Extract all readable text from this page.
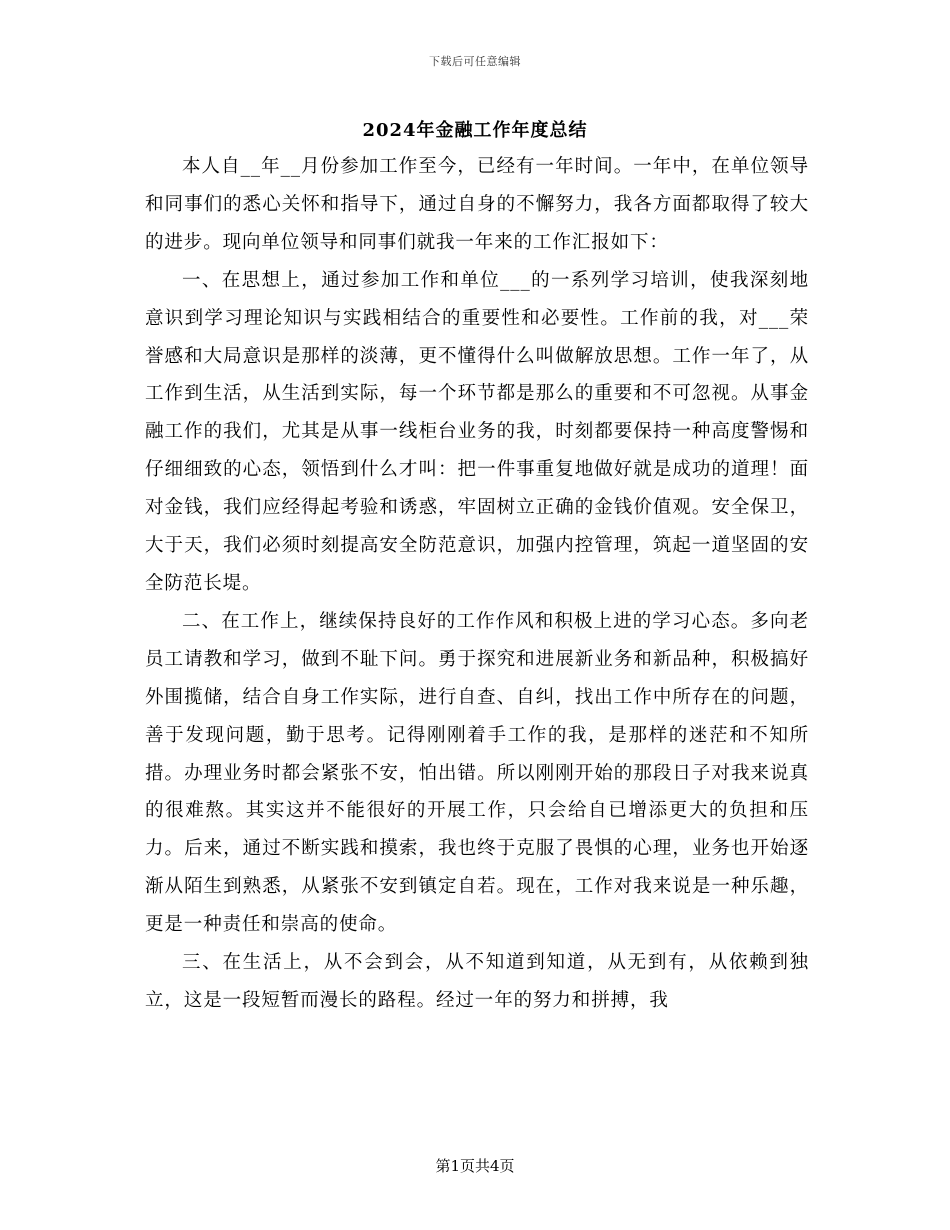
下载后可任意编辑
2024年金融工作年度总结

本人自__年__月份参加工作至今，已经有一年时间。一年中，在单位领导和同事们的悉心关怀和指导下，通过自身的不懈努力，我各方面都取得了较大的进步。现向单位领导和同事们就我一年来的工作汇报如下：

一、在思想上，通过参加工作和单位___的一系列学习培训，使我深刻地意识到学习理论知识与实践相结合的重要性和必要性。工作前的我，对___荣誉感和大局意识是那样的淡薄，更不懂得什么叫做解放思想。工作一年了，从工作到生活，从生活到实际，每一个环节都是那么的重要和不可忽视。从事金融工作的我们，尤其是从事一线柜台业务的我，时刻都要保持一种高度警惕和仔细细致的心态，领悟到什么才叫：把一件事重复地做好就是成功的道理！面对金钱，我们应经得起考验和诱惑，牢固树立正确的金钱价值观。安全保卫，大于天，我们必须时刻提高安全防范意识，加强内控管理，筑起一道坚固的安全防范长堤。

二、在工作上，继续保持良好的工作作风和积极上进的学习心态。多向老员工请教和学习，做到不耻下问。勇于探究和进展新业务和新品种，积极搞好外围揽储，结合自身工作实际，进行自查、自纠，找出工作中所存在的问题，善于发现问题，勤于思考。记得刚刚着手工作的我，是那样的迷茫和不知所措。办理业务时都会紧张不安，怕出错。所以刚刚开始的那段日子对我来说真的很难熬。其实这并不能很好的开展工作，只会给自已增添更大的负担和压力。后来，通过不断实践和摸索，我也终于克服了畏惧的心理，业务也开始逐渐从陌生到熟悉，从紧张不安到镇定自若。现在，工作对我来说是一种乐趣，更是一种责任和崇高的使命。

三、在生活上，从不会到会，从不知道到知道，从无到有，从依赖到独立，这是一段短暂而漫长的路程。经过一年的努力和拼搏，我

第1页共4页
